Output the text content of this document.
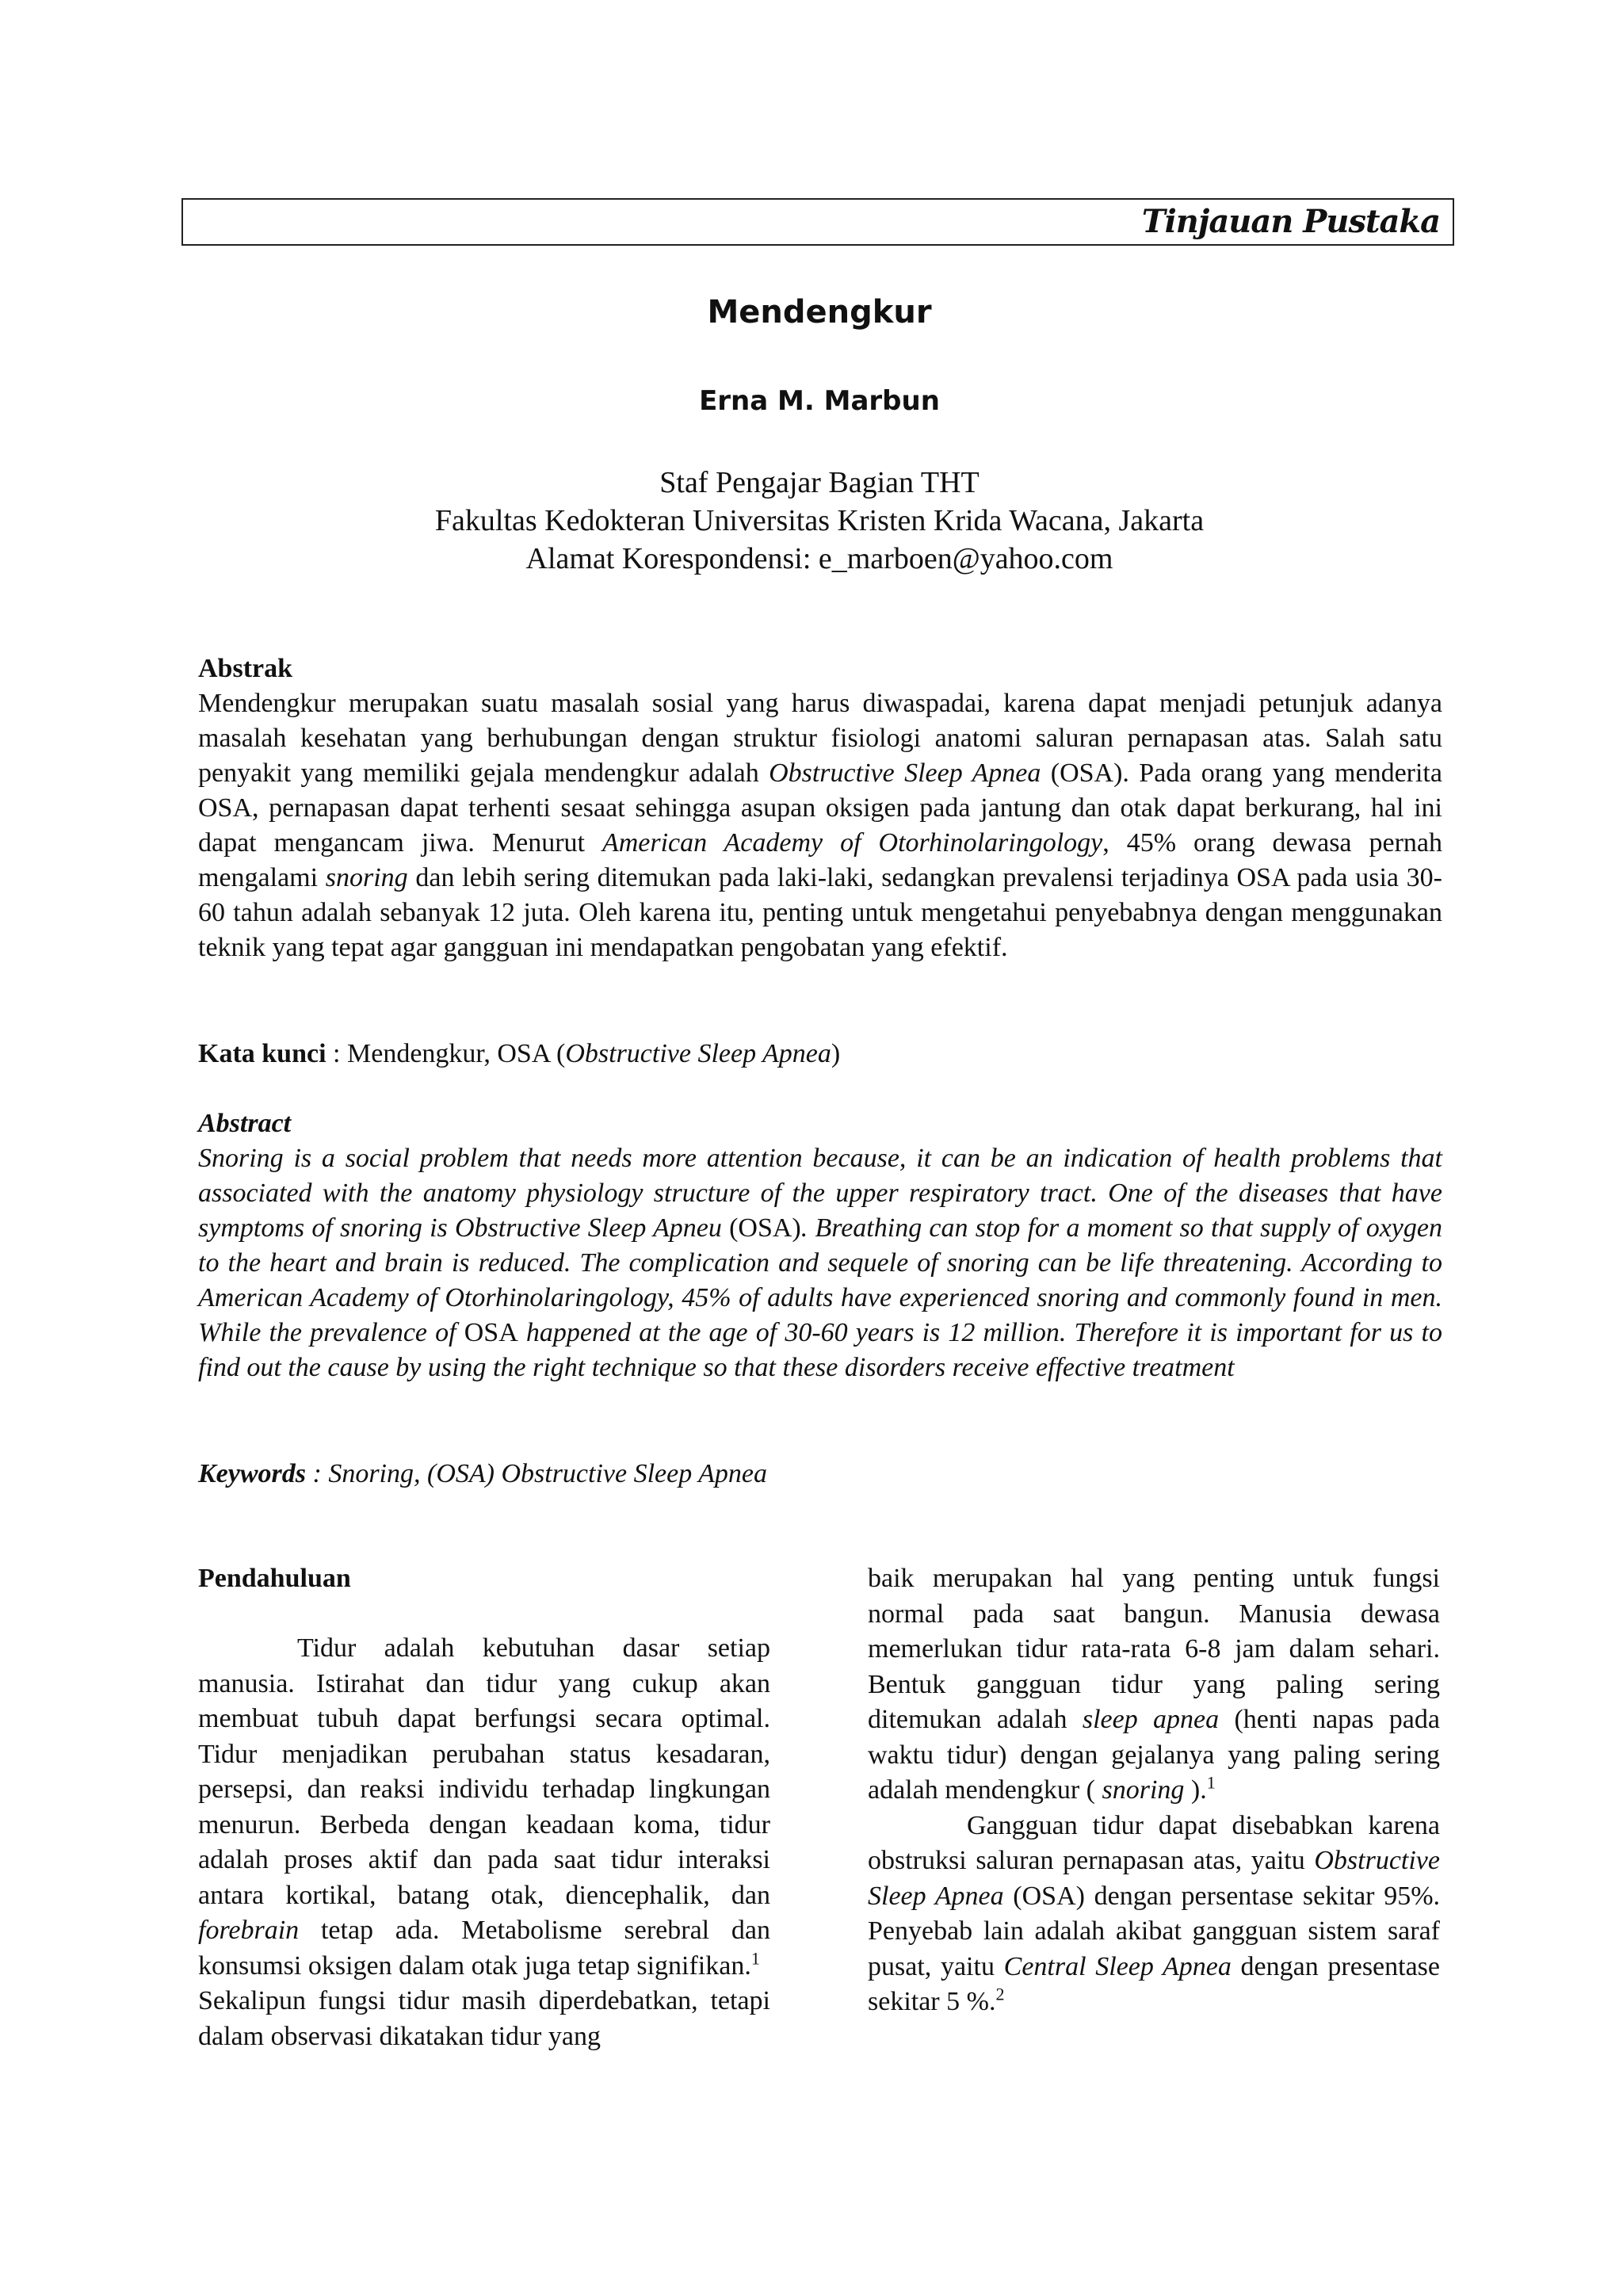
Tinjauan Pustaka
Mendengkur
Erna M. Marbun
Staf Pengajar Bagian THT
Fakultas Kedokteran Universitas Kristen Krida Wacana, Jakarta
Alamat Korespondensi: e_marboen@yahoo.com
Abstrak

Mendengkur merupakan suatu masalah sosial yang harus diwaspadai, karena dapat menjadi petunjuk adanya masalah kesehatan yang berhubungan dengan struktur fisiologi anatomi saluran pernapasan atas. Salah satu penyakit yang memiliki gejala mendengkur adalah Obstructive Sleep Apnea (OSA). Pada orang yang menderita OSA, pernapasan dapat terhenti sesaat sehingga asupan oksigen pada jantung dan otak dapat berkurang, hal ini dapat mengancam jiwa. Menurut American Academy of Otorhinolaringology, 45% orang dewasa pernah mengalami snoring dan lebih sering ditemukan pada laki-laki, sedangkan prevalensi terjadinya OSA pada usia 30-60 tahun adalah sebanyak 12 juta. Oleh karena itu, penting untuk mengetahui penyebabnya dengan menggunakan teknik yang tepat agar gangguan ini mendapatkan pengobatan yang efektif.

Kata kunci : Mendengkur, OSA (Obstructive Sleep Apnea)
Abstract

Snoring is a social problem that needs more attention because, it can be an indication of health problems that associated with the anatomy physiology structure of the upper respiratory tract. One of the diseases that have symptoms of snoring is Obstructive Sleep Apneu (OSA). Breathing can stop for a moment so that supply of oxygen to the heart and brain is reduced. The complication and sequele of snoring can be life threatening. According to American Academy of Otorhinolaringology, 45% of adults have experienced snoring and commonly found in men. While the prevalence of OSA happened at the age of 30-60 years is 12 million. Therefore it is important for us to find out the cause by using the right technique so that these disorders receive effective treatment

Keywords : Snoring, (OSA) Obstructive Sleep Apnea
Pendahuluan

Tidur adalah kebutuhan dasar setiap manusia. Istirahat dan tidur yang cukup akan membuat tubuh dapat berfungsi secara optimal. Tidur menjadikan perubahan status kesadaran, persepsi, dan reaksi individu terhadap lingkungan menurun. Berbeda dengan keadaan koma, tidur adalah proses aktif dan pada saat tidur interaksi antara kortikal, batang otak, diencephalik, dan forebrain tetap ada. Metabolisme serebral dan konsumsi oksigen dalam otak juga tetap signifikan.$^1$

Sekalipun fungsi tidur masih diperdebatkan, tetapi dalam observasi dikatakan tidur yang

baik merupakan hal yang penting untuk fungsi normal pada saat bangun. Manusia dewasa memerlukan tidur rata-rata 6-8 jam dalam sehari. Bentuk gangguan tidur yang paling sering ditemukan adalah sleep apnea (henti napas pada waktu tidur) dengan gejalanya yang paling sering adalah mendengkur ( snoring ).$^1$

Gangguan tidur dapat disebabkan karena obstruksi saluran pernapasan atas, yaitu Obstructive Sleep Apnea (OSA) dengan persentase sekitar 95%. Penyebab lain adalah akibat gangguan sistem saraf pusat, yaitu Central Sleep Apnea dengan presentase sekitar 5 %.$^2$
